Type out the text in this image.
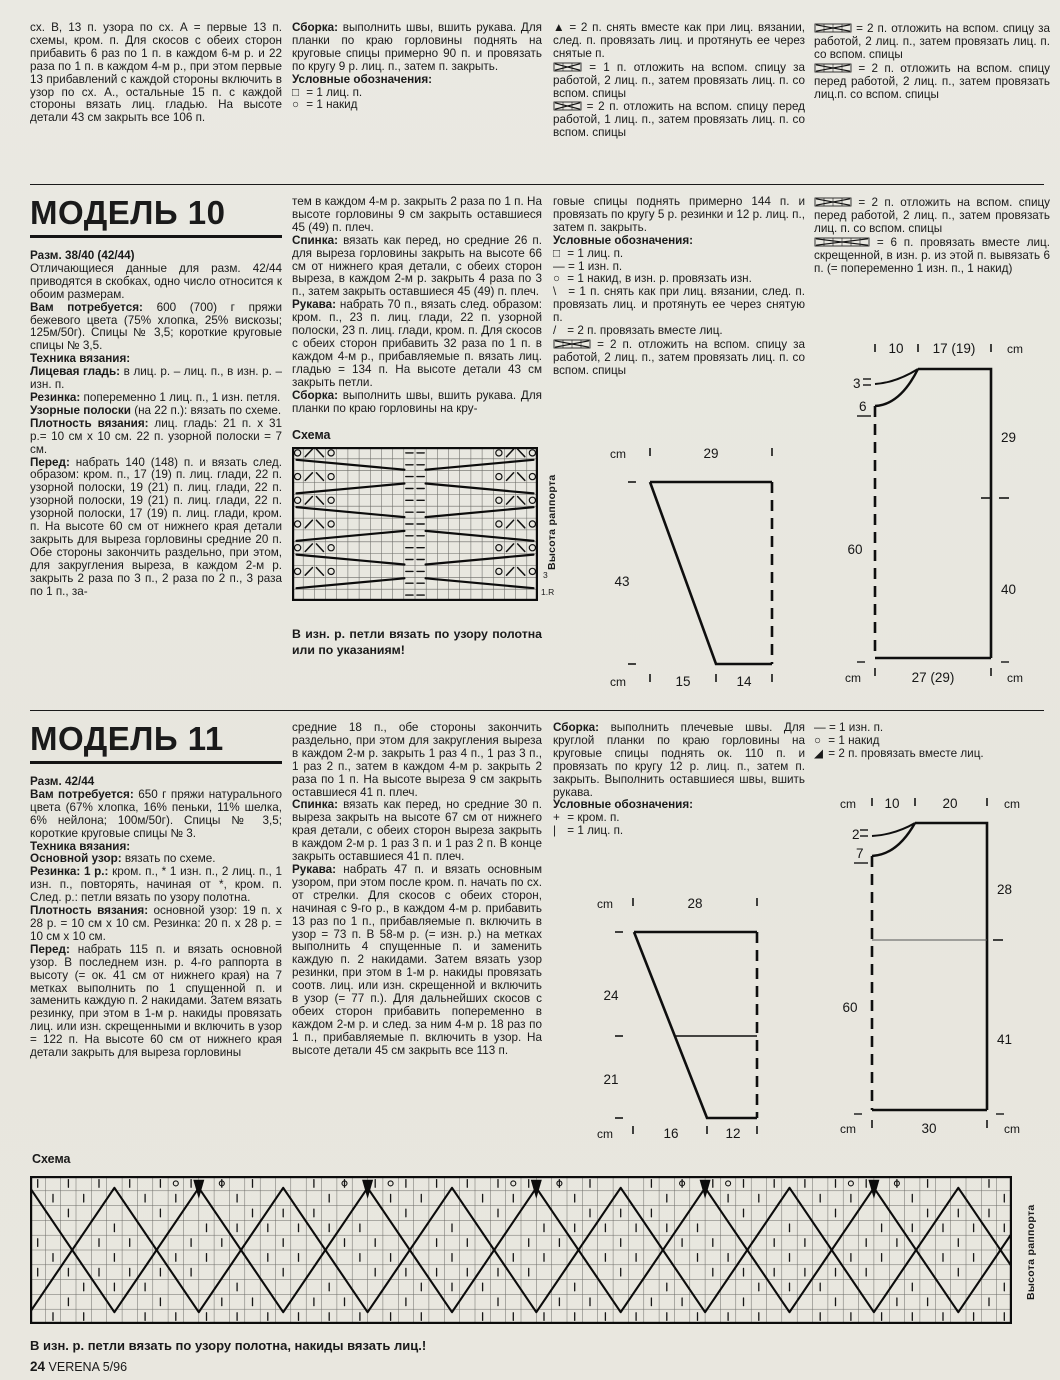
сх. В, 13 п. узора по сх. А = первые 13 п. схемы, кром. п. Для скосов с обеих сторон прибавить 6 раз по 1 п. в каждом 6-м р. и 22 раза по 1 п. в каждом 4-м р., при этом первые 13 прибавлений с каждой стороны включить в узор по сх. А., остальные 15 п. с каждой стороны вязать лиц. гладью. На высоте детали 43 см закрыть все 106 п.

Сборка: выполнить швы, вшить рукава. Для планки по краю горловины поднять на круговые спицы примерно 90 п. и провязать по кругу 9 р. лиц. п., затем п. закрыть.

Условные обозначения:

□ = 1 лиц. п.

○ = 1 накид

▲ = 2 п. снять вместе как при лиц. вязании, след. п. провязать лиц. и протянуть ее через снятые п.

= 1 п. отложить на вспом. спицу за работой, 2 лиц. п., затем провязать лиц. п. со вспом. спицы

= 2 п. отложить на вспом. спицу перед работой, 1 лиц. п., затем провязать лиц. п. со вспом. спицы

= 2 п. отложить на вспом. спицу за работой, 2 лиц. п., затем провязать лиц. п. со вспом. спицы

= 2 п. отложить на вспом. спицу перед работой, 2 лиц. п., затем провязать лиц.п. со вспом. спицы

МОДЕЛЬ 10

Разм. 38/40 (42/44)

Отличающиеся данные для разм. 42/44 приводятся в скобках, одно число относится к обоим размерам.

Вам потребуется: 600 (700) г пряжи бежевого цвета (75% хлопка, 25% вискозы; 125м/50г). Спицы № 3,5; короткие круговые спицы № 3,5.

Техника вязания:

Лицевая гладь: в лиц. р. – лиц. п., в изн. р. – изн. п.

Резинка: попеременно 1 лиц. п., 1 изн. петля.

Узорные полоски (на 22 п.): вязать по схеме.

Плотность вязания: лиц. гладь: 21 п. х 31 р.= 10 см х 10 см. 22 п. узорной полоски = 7 см.

Перед: набрать 140 (148) п. и вязать след. образом: кром. п., 17 (19) п. лиц. глади, 22 п. узорной полоски, 19 (21) п. лиц. глади, 22 п. узорной полоски, 19 (21) п. лиц. глади, 22 п. узорной полоски, 17 (19) п. лиц. глади, кром. п. На высоте 60 см от нижнего края детали закрыть для выреза горловины средние 20 п. Обе стороны закончить раздельно, при этом, для закругления выреза, в каждом 2-м р. закрыть 2 раза по 3 п., 2 раза по 2 п., 3 раза по 1 п., за-

тем в каждом 4-м р. закрыть 2 раза по 1 п. На высоте горловины 9 см закрыть оставшиеся 45 (49) п. плеч.

Спинка: вязать как перед, но средние 26 п. для выреза горловины закрыть на высоте 66 см от нижнего края детали, с обеих сторон выреза, в каждом 2-м р. закрыть 4 раза по 3 п., затем закрыть оставшиеся 45 (49) п. плеч.

Рукава: набрать 70 п., вязать след. образом: кром. п., 23 п. лиц. глади, 22 п. узорной полоски, 23 п. лиц. глади, кром. п. Для скосов с обеих сторон прибавить 32 раза по 1 п. в каждом 4-м р., прибавляемые п. вязать лиц. гладью = 134 п. На высоте детали 43 см закрыть петли.

Сборка: выполнить швы, вшить рукава. Для планки по краю горловины на кру-

Схема

Высота раппорта
3
1.R

В изн. р. петли вязать по узору полотна или по указаниям!

говые спицы поднять примерно 144 п. и провязать по кругу 5 р. резинки и 12 р. лиц. п., затем п. закрыть.

Условные обозначения:

□ = 1 лиц. п.

— = 1 изн. п.

○ = 1 накид, в изн. р. провязать изн.

\ = 1 п. снять как при лиц. вязании, след. п. провязать лиц. и протянуть ее через снятую п.

/ = 2 п. провязать вместе лиц.

= 2 п. отложить на вспом. спицу за работой, 2 лиц. п., затем провязать лиц. п. со вспом. спицы

= 2 п. отложить на вспом. спицу перед работой, 2 лиц. п., затем провязать лиц. п. со вспом. спицы

= 6 п. провязать вместе лиц. скрещенной, в изн. р. из этой п. вывязать 6 п. (= попеременно 1 изн. п., 1 накид)

cm	29
43
cm	15	14
10 17 (19)	cm
3
6
60
29
40
cm	27 (29)	cm
МОДЕЛЬ 11

Разм. 42/44

Вам потребуется: 650 г пряжи натурального цвета (67% хлопка, 16% пеньки, 11% шелка, 6% нейлона; 100м/50г). Спицы № 3,5; короткие круговые спицы № 3.

Техника вязания:

Основной узор: вязать по схеме.

Резинка: 1 р.: кром. п., * 1 изн. п., 2 лиц. п., 1 изн. п., повторять, начиная от *, кром. п. След. р.: петли вязать по узору полотна.

Плотность вязания: основной узор: 19 п. х 28 р. = 10 см х 10 см. Резинка: 20 п. х 28 р. = 10 см х 10 см.

Перед: набрать 115 п. и вязать основной узор. В последнем изн. р. 4-го раппорта в высоту (= ок. 41 см от нижнего края) на 7 метках выполнить по 1 спущенной п. и заменить каждую п. 2 накидами. Затем вязать резинку, при этом в 1-м р. накиды провязать лиц. или изн. скрещенными и включить в узор = 122 п. На высоте 60 см от нижнего края детали закрыть для выреза горловины

средние 18 п., обе стороны закончить раздельно, при этом для закругления выреза в каждом 2-м р. закрыть 1 раз 4 п., 1 раз 3 п., 1 раз 2 п., затем в каждом 4-м р. закрыть 2 раза по 1 п. На высоте выреза 9 см закрыть оставшиеся 41 п. плеч.

Спинка: вязать как перед, но средние 30 п. выреза закрыть на высоте 67 см от нижнего края детали, с обеих сторон выреза закрыть в каждом 2-м р. 1 раз 3 п. и 1 раз 2 п. В конце закрыть оставшиеся 41 п. плеч.

Рукава: набрать 47 п. и вязать основным узором, при этом после кром. п. начать по сх. от стрелки. Для скосов с обеих сторон, начиная с 9-го р., в каждом 4-м р. прибавить 13 раз по 1 п., прибавляемые п. включить в узор = 73 п. В 58-м р. (= изн. р.) на метках выполнить 4 спущенные п. и заменить каждую п. 2 накидами. Затем вязать узор резинки, при этом в 1-м р. накиды провязать соотв. лиц. или изн. скрещенной и включить в узор (= 77 п.). Для дальнейших скосов с обеих сторон прибавить попеременно в каждом 2-м р. и след. за ним 4-м р. 18 раз по 1 п., прибавляемые п. включить в узор. На высоте детали 45 см закрыть все 113 п.

Сборка: выполнить плечевые швы. Для круглой планки по краю горловины на круговые спицы поднять ок. 110 п. и провязать по кругу 12 р. лиц. п., затем п. закрыть. Выполнить оставшиеся швы, вшить рукава.

Условные обозначения:

+ = кром. п.

| = 1 лиц. п.

— = 1 изн. п.

○ = 1 накид

◢ = 2 п. провязать вместе лиц.

cm	28
24
21
cm	16	12
cm 10	20	cm
2
7
60
28
41
cm	30	cm
Схема
Высота раппорта
В изн. р. петли вязать по узору полотна, накиды вязать лиц.!
24 VERENA 5/96
